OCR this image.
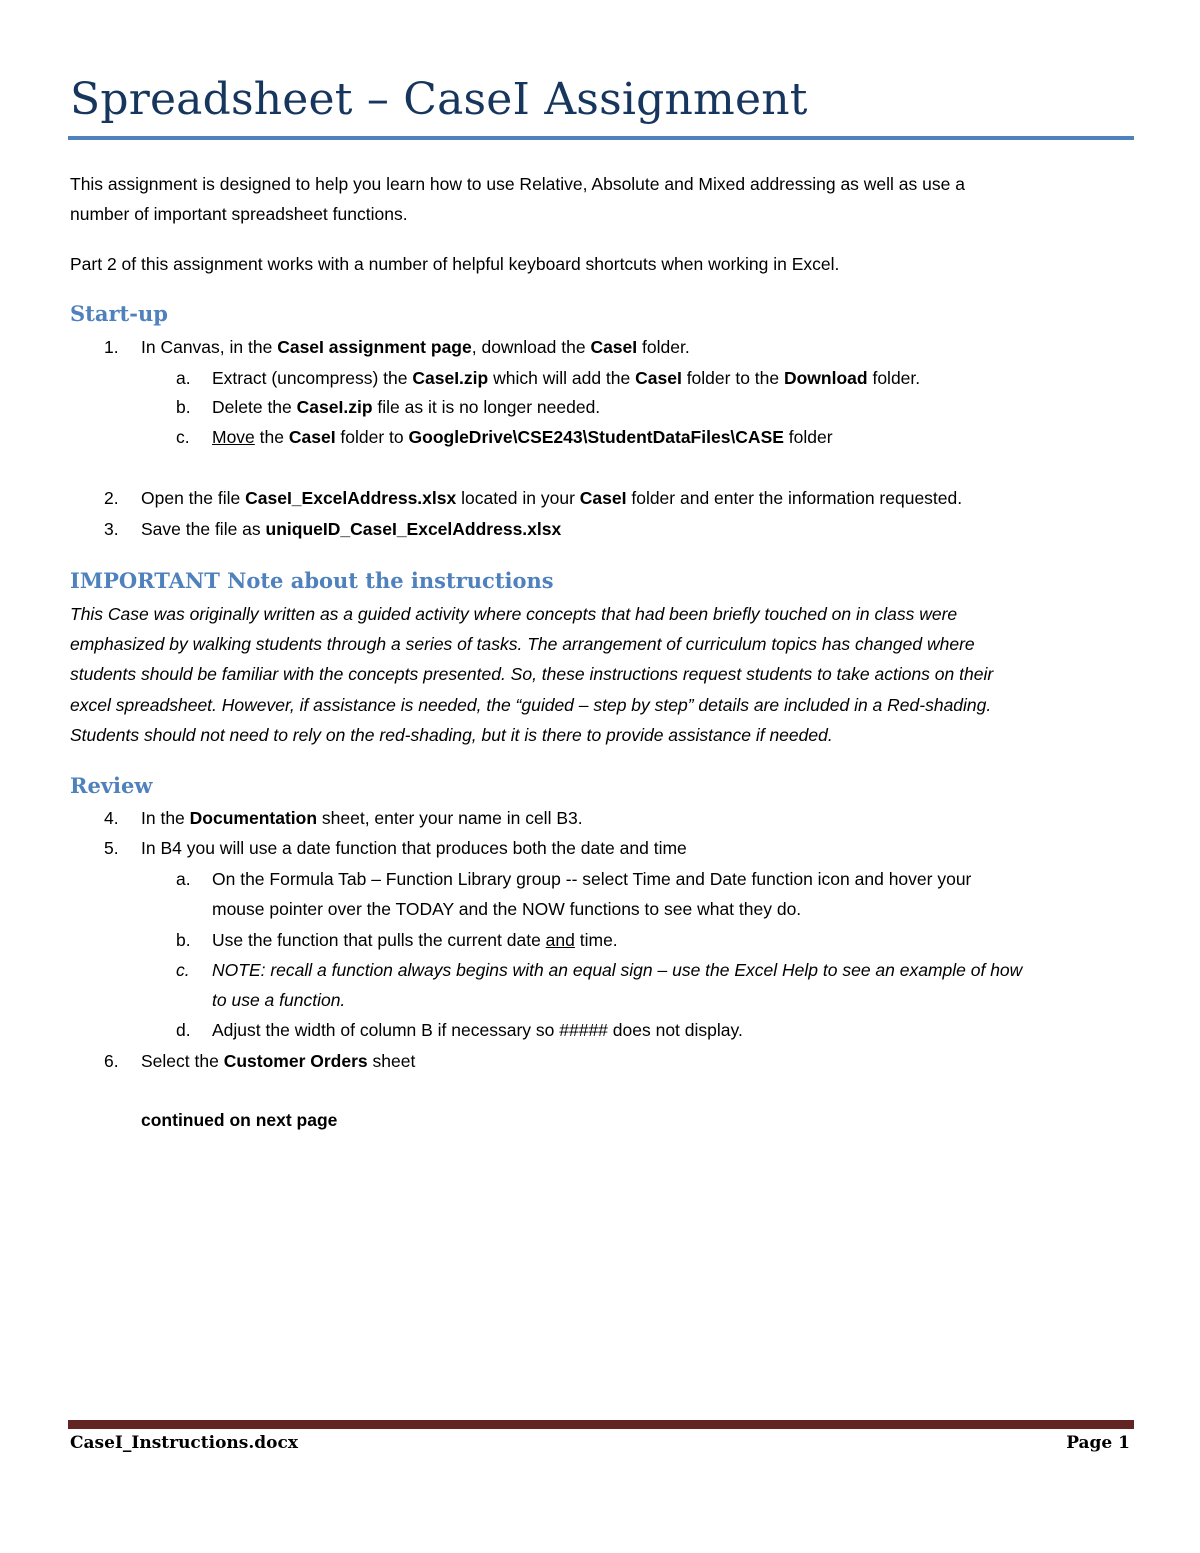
Spreadsheet – CaseI Assignment
This assignment is designed to help you learn how to use Relative, Absolute and Mixed addressing as well as use a
number of important spreadsheet functions.
Part 2 of this assignment works with a number of helpful keyboard shortcuts when working in Excel.
Start-up
1. In Canvas, in the CaseI assignment page, download the CaseI folder.
a. Extract (uncompress) the CaseI.zip which will add the CaseI folder to the Download folder.
b. Delete the CaseI.zip file as it is no longer needed.
c. Move the CaseI folder to GoogleDrive\CSE243\StudentDataFiles\CASE folder
2. Open the file CaseI_ExcelAddress.xlsx located in your CaseI folder and enter the information requested.
3. Save the file as uniqueID_CaseI_ExcelAddress.xlsx
IMPORTANT Note about the instructions
This Case was originally written as a guided activity where concepts that had been briefly touched on in class were
emphasized by walking students through a series of tasks. The arrangement of curriculum topics has changed where
students should be familiar with the concepts presented. So, these instructions request students to take actions on their
excel spreadsheet. However, if assistance is needed, the “guided – step by step” details are included in a Red-shading.
Students should not need to rely on the red-shading, but it is there to provide assistance if needed.
Review
4. In the Documentation sheet, enter your name in cell B3.
5. In B4 you will use a date function that produces both the date and time
a. On the Formula Tab – Function Library group -- select Time and Date function icon and hover your
mouse pointer over the TODAY and the NOW functions to see what they do.
b. Use the function that pulls the current date and time.
c. NOTE: recall a function always begins with an equal sign – use the Excel Help to see an example of how
to use a function.
d. Adjust the width of column B if necessary so ##### does not display.
6. Select the Customer Orders sheet
continued on next page
CaseI_Instructions.docx	Page 1
